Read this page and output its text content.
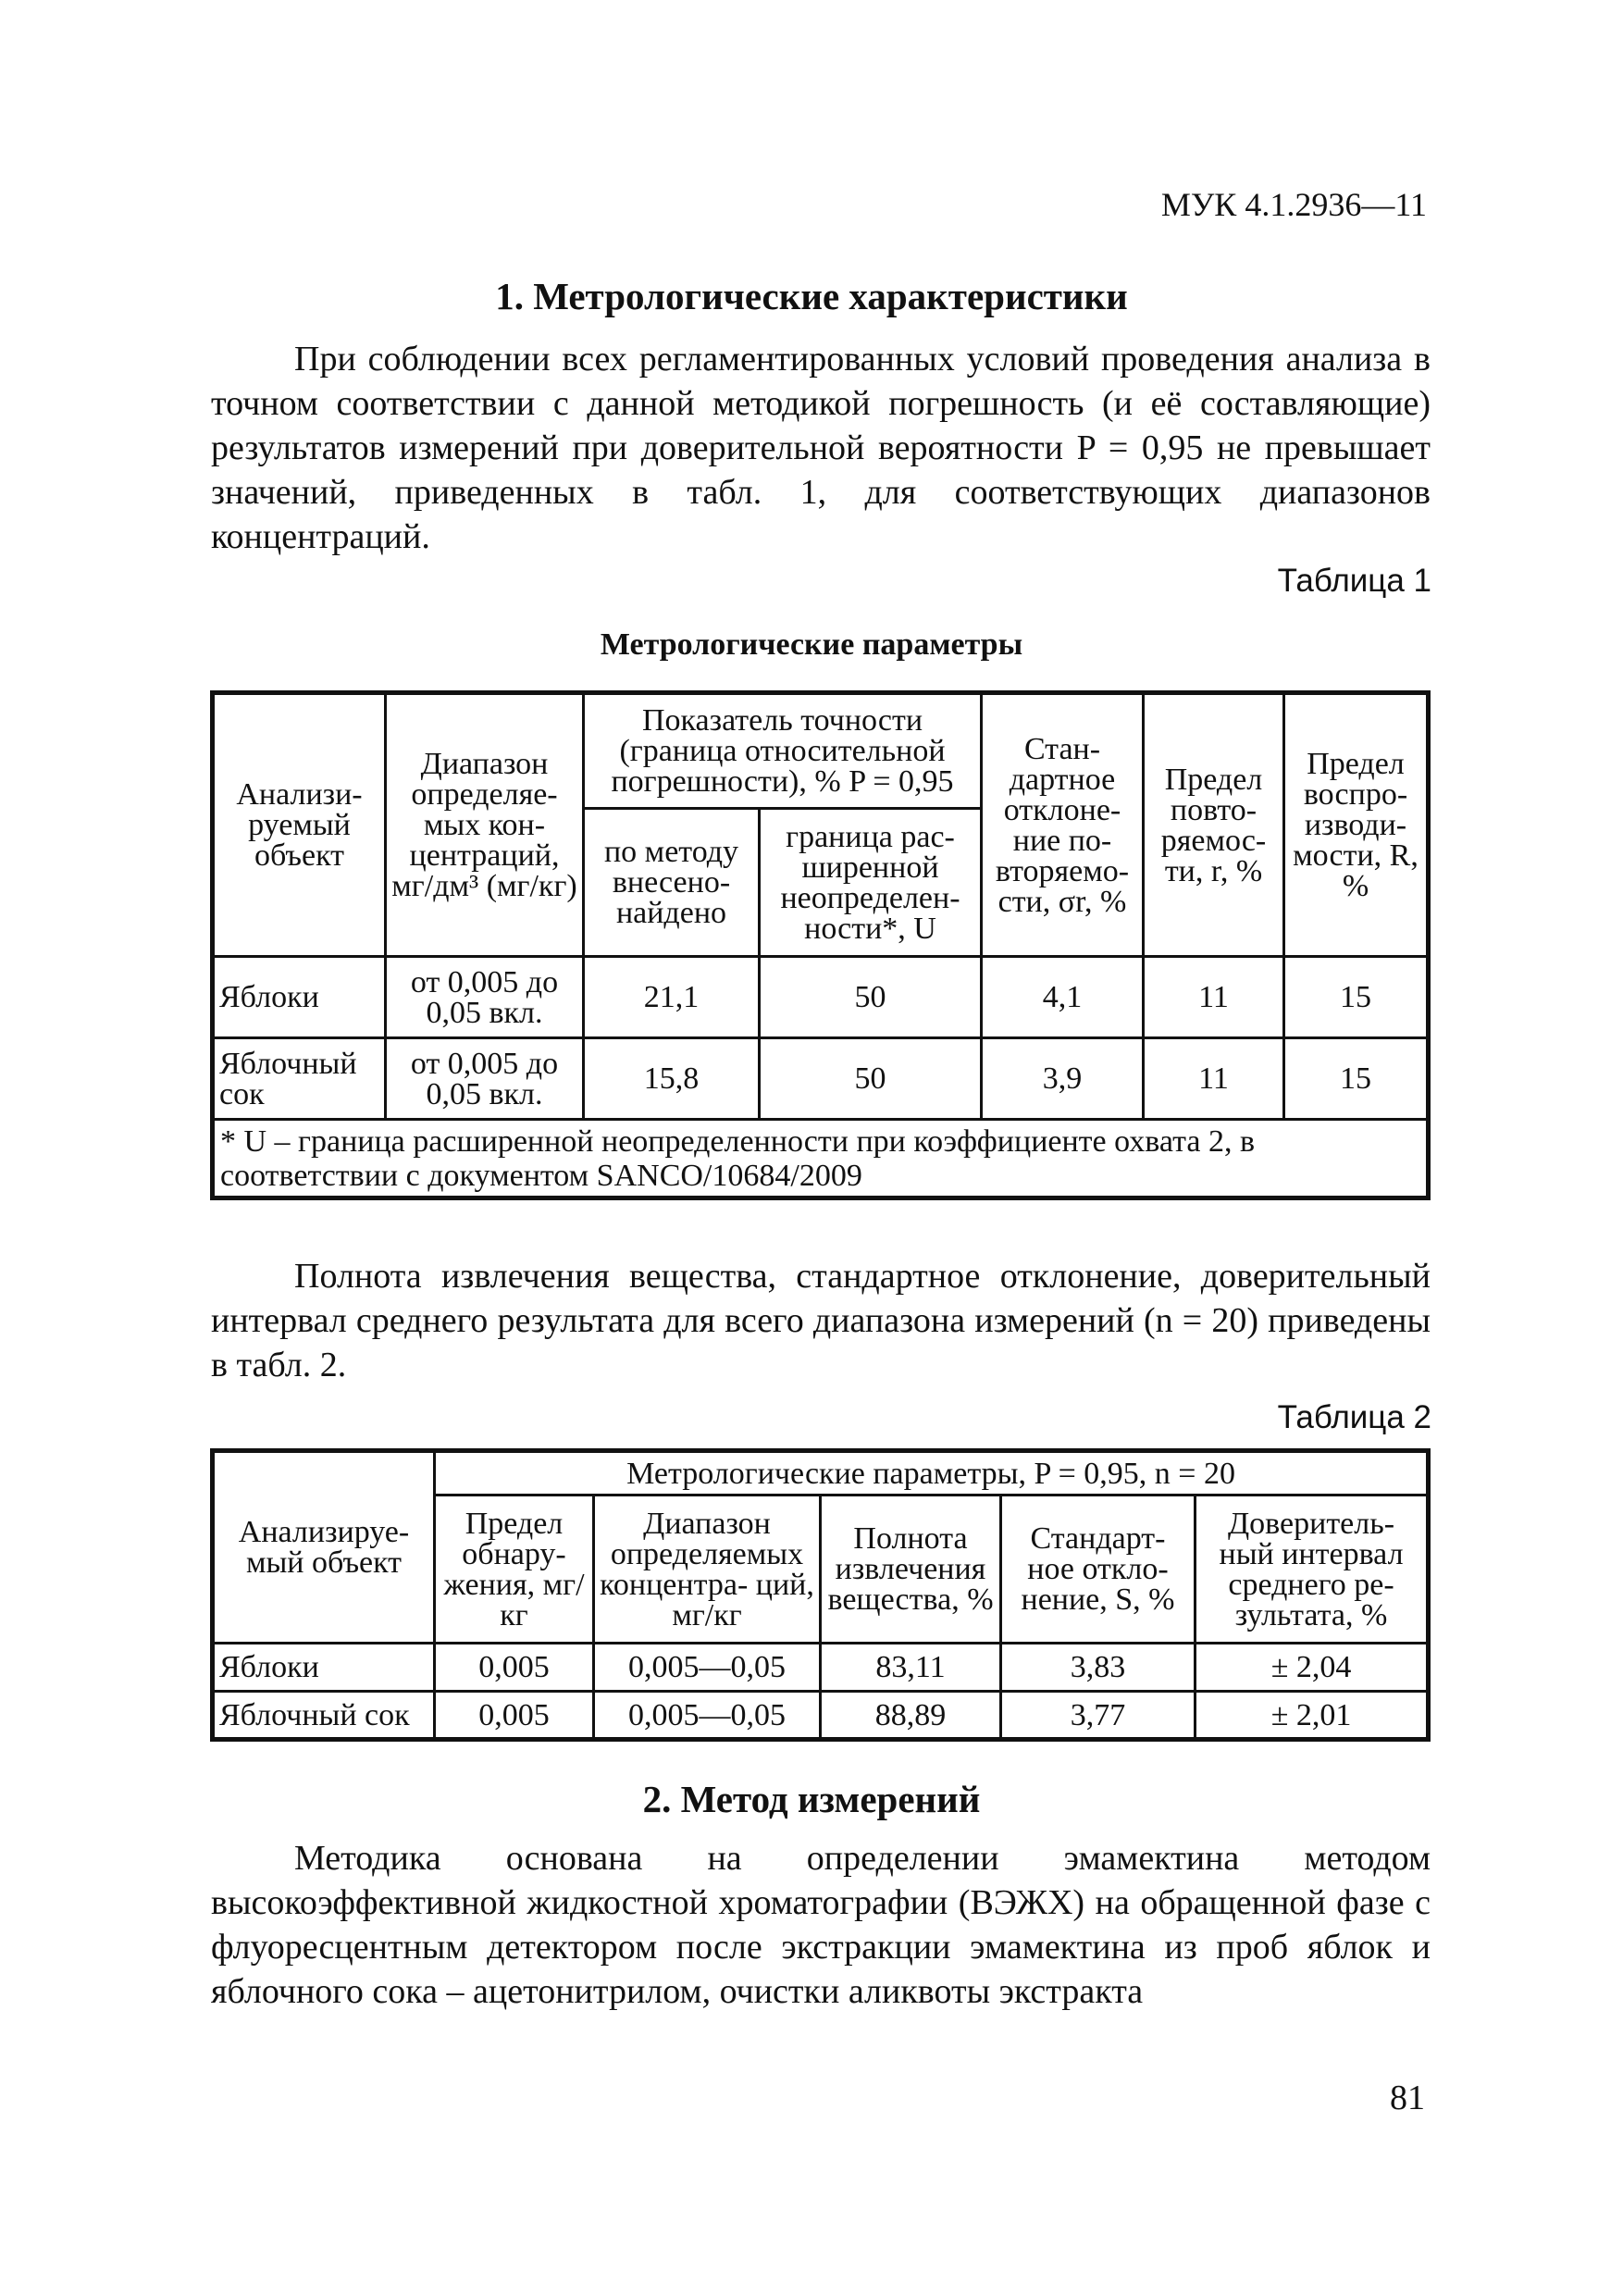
МУК 4.1.2936—11
1. Метрологические характеристики
При соблюдении всех регламентированных условий проведения анализа в точном соответствии с данной методикой погрешность (и её составляющие) результатов измерений при доверительной вероятности P = 0,95 не превышает значений, приведенных в табл. 1, для соответствующих диапазонов концентраций.
Таблица 1
Метрологические параметры
Анализи- руемый объект	Диапазон определяе- мых кон- центраций, мг/дм³ (мг/кг)	Показатель точности (граница относительной погрешности), % P = 0,95		Стан- дартное отклоне- ние по- вторяемо- сти, σr, %	Предел повто- ряемос- ти, r, %	Предел воспро- изводи- мости, R, %
		по методу внесено- найдено	граница рас- ширенной неопределен- ности*, U			
Яблоки	от 0,005 до 0,05 вкл.	21,1	50	4,1	11	15
Яблочный сок	от 0,005 до 0,05 вкл.	15,8	50	3,9	11	15
* U – граница расширенной неопределенности при коэффициенте охвата 2, в соответствии с документом SANCO/10684/2009						
Полнота извлечения вещества, стандартное отклонение, доверительный интервал среднего результата для всего диапазона измерений (n = 20) приведены в табл. 2.
Таблица 2
Анализируе- мый объект	Метрологические параметры, P = 0,95, n = 20				
	Предел обнару- жения, мг/кг	Диапазон определяемых концентра- ций, мг/кг	Полнота извлечения вещества, %	Стандарт- ное откло- нение, S, %	Доверитель- ный интервал среднего ре- зультата, %
Яблоки	0,005	0,005—0,05	83,11	3,83	± 2,04
Яблочный сок	0,005	0,005—0,05	88,89	3,77	± 2,01
2. Метод измерений
Методика основана на определении эмамектина методом высокоэффективной жидкостной хроматографии (ВЭЖХ) на обращенной фазе с флуоресцентным детектором после экстракции эмамектина из проб яблок и яблочного сока – ацетонитрилом, очистки аликвоты экстракта
81
